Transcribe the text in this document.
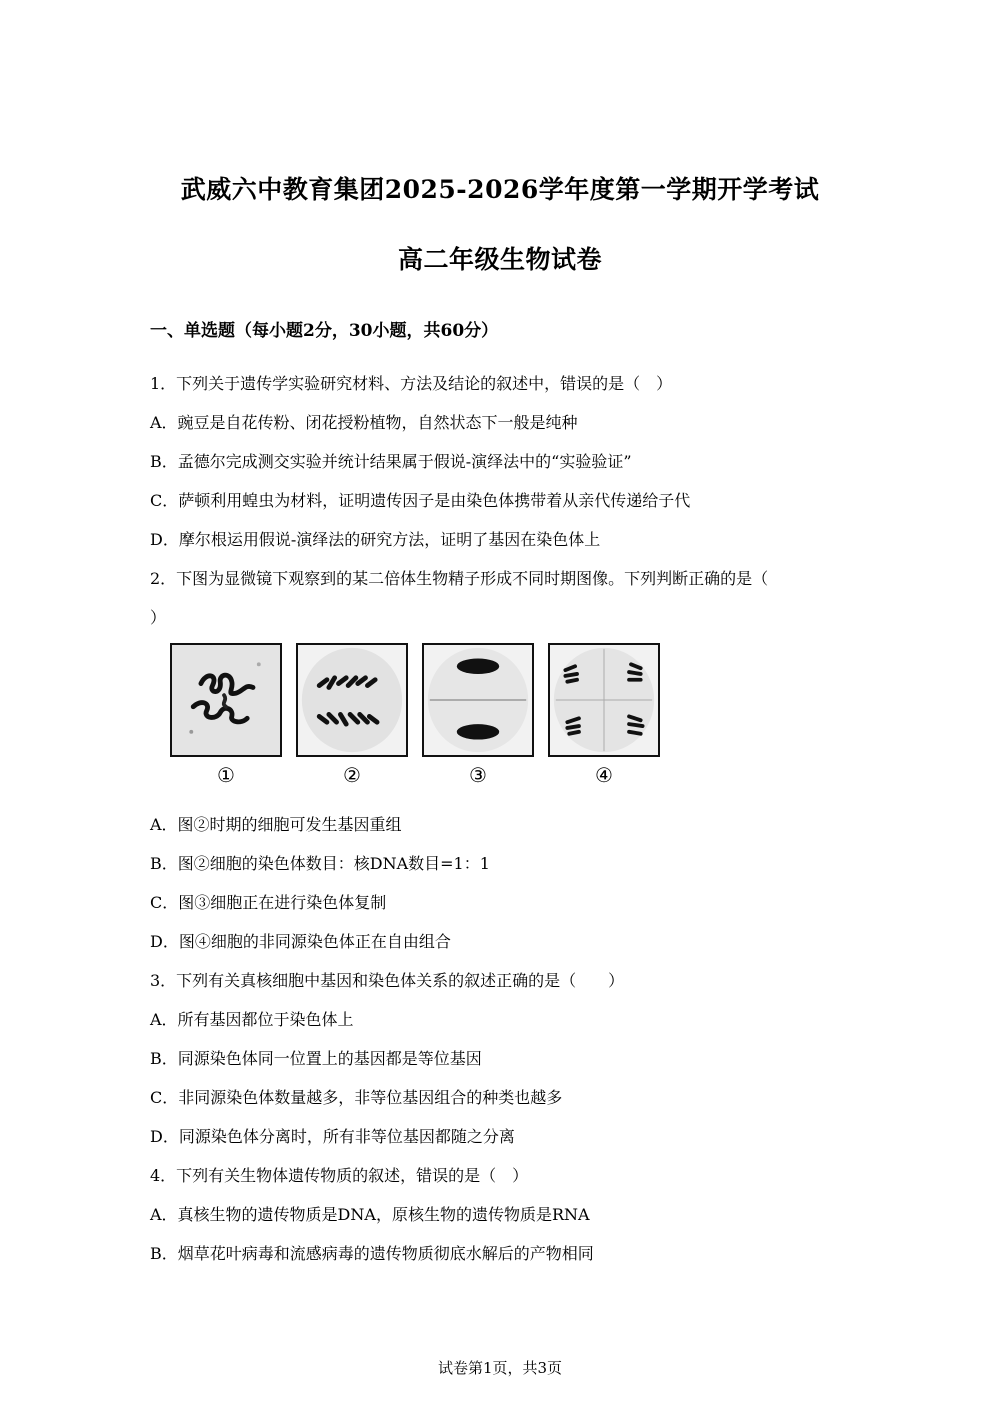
武威六中教育集团2025-2026学年度第一学期开学考试
高二年级生物试卷
一、单选题（每小题2分，30小题，共60分）
1．下列关于遗传学实验研究材料、方法及结论的叙述中，错误的是（　）
A．豌豆是自花传粉、闭花授粉植物，自然状态下一般是纯种
B．孟德尔完成测交实验并统计结果属于假说-演绎法中的“实验验证”
C．萨顿利用蝗虫为材料，证明遗传因子是由染色体携带着从亲代传递给子代
D．摩尔根运用假说-演绎法的研究方法，证明了基因在染色体上
2．下图为显微镜下观察到的某二倍体生物精子形成不同时期图像。下列判断正确的是（
）
①	②	③	④
A．图②时期的细胞可发生基因重组
B．图②细胞的染色体数目：核DNA数目=1：1
C．图③细胞正在进行染色体复制
D．图④细胞的非同源染色体正在自由组合
3．下列有关真核细胞中基因和染色体关系的叙述正确的是（　　）
A．所有基因都位于染色体上
B．同源染色体同一位置上的基因都是等位基因
C．非同源染色体数量越多，非等位基因组合的种类也越多
D．同源染色体分离时，所有非等位基因都随之分离
4．下列有关生物体遗传物质的叙述，错误的是（　）
A．真核生物的遗传物质是DNA，原核生物的遗传物质是RNA
B．烟草花叶病毒和流感病毒的遗传物质彻底水解后的产物相同
试卷第1页，共3页
